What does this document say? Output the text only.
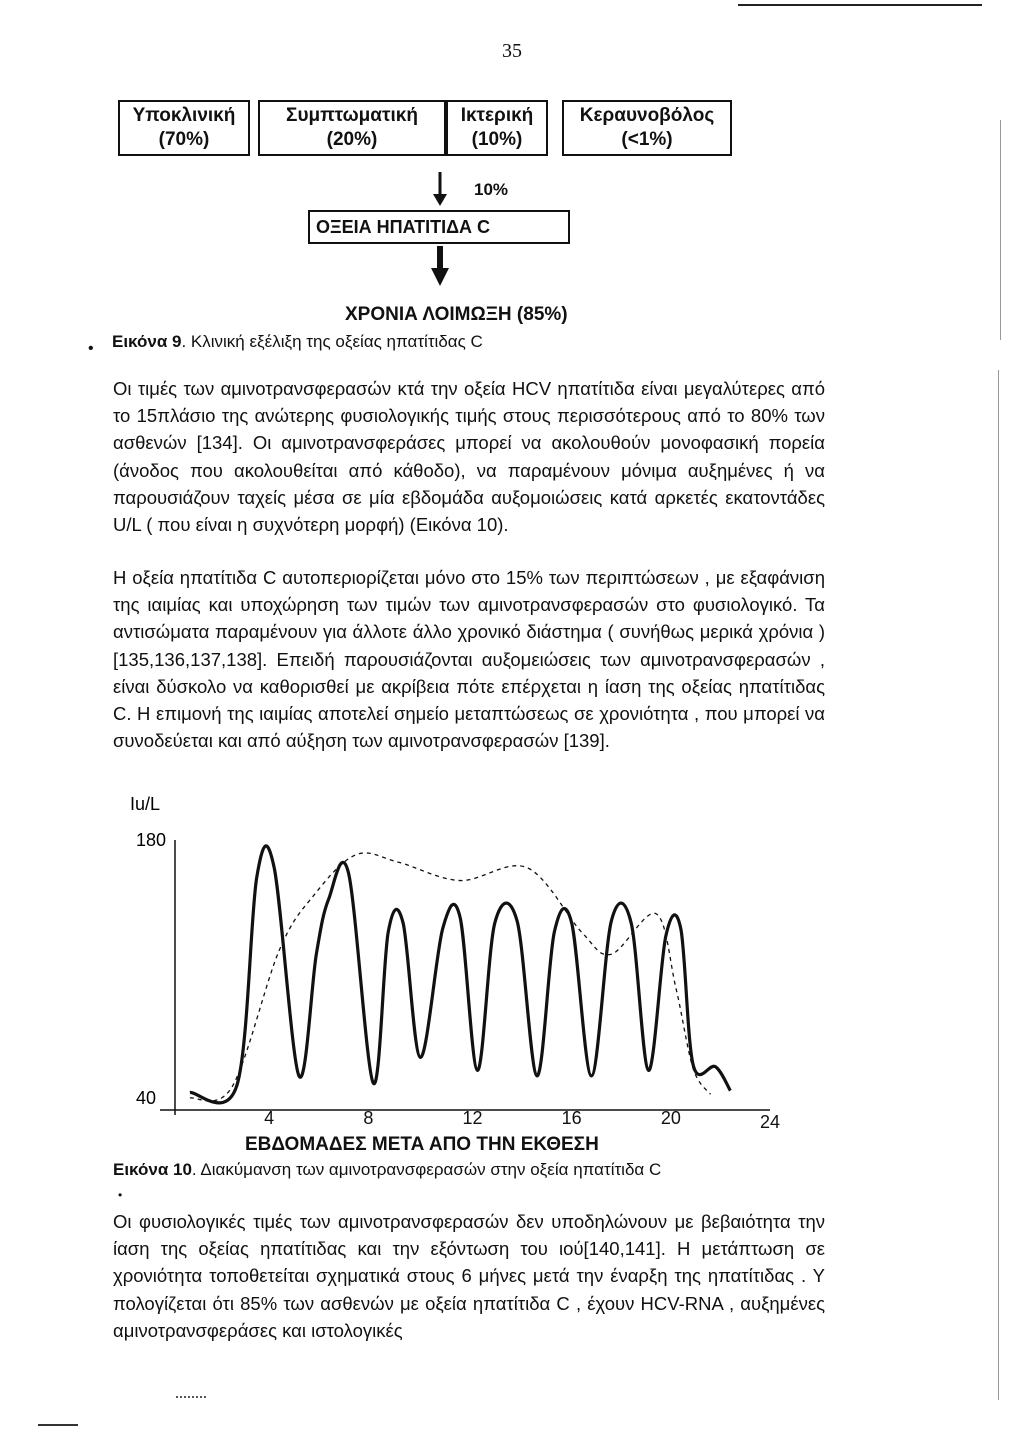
35
Υποκλινική
(70%)
Συμπτωματική
(20%)
Ικτερική
(10%)
Κεραυνοβόλος
(<1%)
10%
ΟΞΕΙΑ ΗΠΑΤΙΤΙΔΑ C
ΧΡΟΝΙΑ ΛΟΙΜΩΞΗ (85%)
Εικόνα 9. Κλινική εξέλιξη της οξείας ηπατίτιδας C
•
Οι τιμές των αμινοτρανσφερασών κτά την οξεία HCV ηπατίτιδα είναι μεγαλύτερες από το 15πλάσιο της ανώτερης φυσιολογικής τιμής στους περισσότερους από το 80% των ασθενών [134]. Οι αμινοτρανσφεράσες μπορεί να ακολουθούν μονοφασική πορεία (άνοδος που ακολουθείται από κάθοδο), να παραμένουν μόνιμα αυξημένες ή να παρουσιάζουν ταχείς μέσα σε μία εβδομάδα αυξομοιώσεις κατά αρκετές εκατοντάδες U/L ( που είναι η συχνότερη μορφή) (Εικόνα 10).
Η οξεία ηπατίτιδα C αυτοπεριορίζεται μόνο στο 15% των περιπτώσεων , με εξαφάνιση της ιαιμίας και υποχώρηση των τιμών των αμινοτρανσφερασών στο φυσιολογικό. Τα αντισώματα παραμένουν για άλλοτε άλλο χρονικό διάστημα ( συνήθως μερικά χρόνια )[135,136,137,138]. Επειδή παρουσιάζονται αυξομειώσεις των αμινοτρανσφερασών , είναι δύσκολο να καθορισθεί με ακρίβεια πότε επέρχεται η ίαση της οξείας ηπατίτιδας C. Η επιμονή της ιαιμίας αποτελεί σημείο μεταπτώσεως σε χρονιότητα , που μπορεί να συνοδεύεται και από αύξηση των αμινοτρανσφερασών [139].
Iu/L
180
40
4	8	12	16	20	24
ΕΒΔΟΜΑΔΕΣ ΜΕΤΑ ΑΠΟ ΤΗΝ ΕΚΘΕΣΗ
Εικόνα 10. Διακύμανση των αμινοτρανσφερασών στην οξεία ηπατίτιδα C
•
Οι φυσιολογικές τιμές των αμινοτρανσφερασών δεν υποδηλώνουν με βεβαιότητα την ίαση της οξείας ηπατίτιδας και την εξόντωση του ιού[140,141]. Η μετάπτωση σε χρονιότητα τοποθετείται σχηματικά στους 6 μήνες μετά την έναρξη της ηπατίτιδας . Υ πολογίζεται ότι 85% των ασθενών με οξεία ηπατίτιδα C , έχουν HCV-RNA , αυξημένες αμινοτρανσφεράσες και ιστολογικές
